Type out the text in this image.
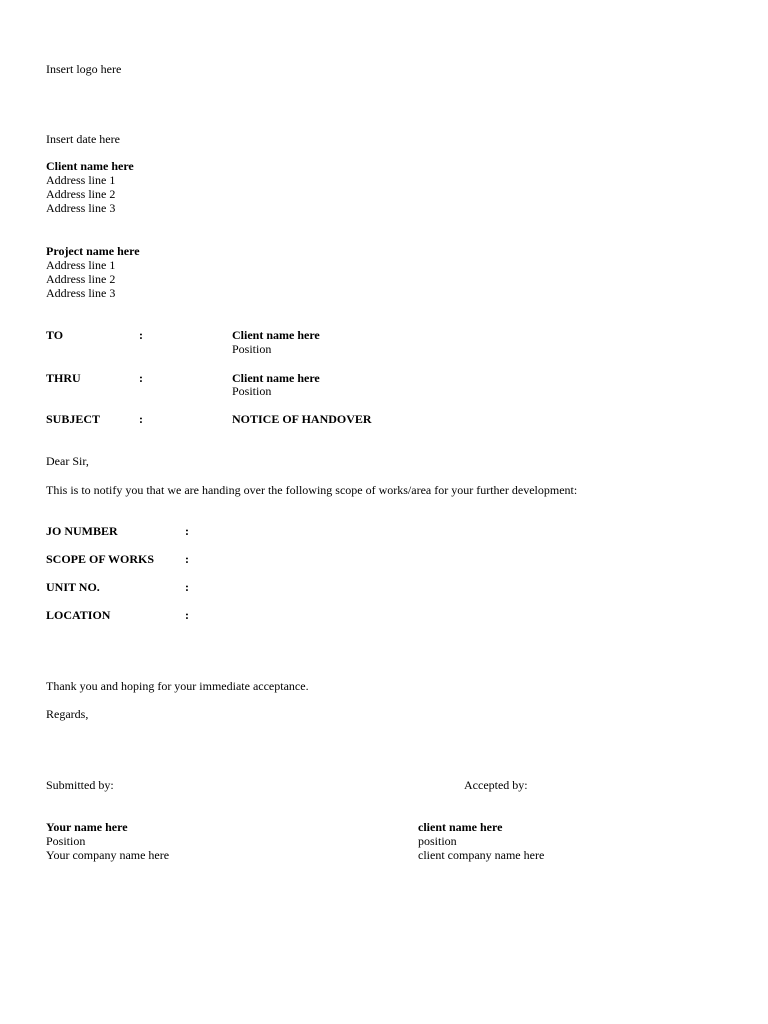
Insert logo here
Insert date here
Client name here
Address line 1
Address line 2
Address line 3
Project name here
Address line 1
Address line 2
Address line 3
TO	:	Client name here
Position
THRU	:	Client name here
Position
SUBJECT	:	NOTICE OF HANDOVER
Dear Sir,
This is to notify you that we are handing over the following scope of works/area for your further development:
JO NUMBER	:
SCOPE OF WORKS	:
UNIT NO.	:
LOCATION	:
Thank you and hoping for your immediate acceptance.
Regards,
Submitted by:	Accepted by:
Your name here
Position
Your company name here
client name here
position
client company name here
